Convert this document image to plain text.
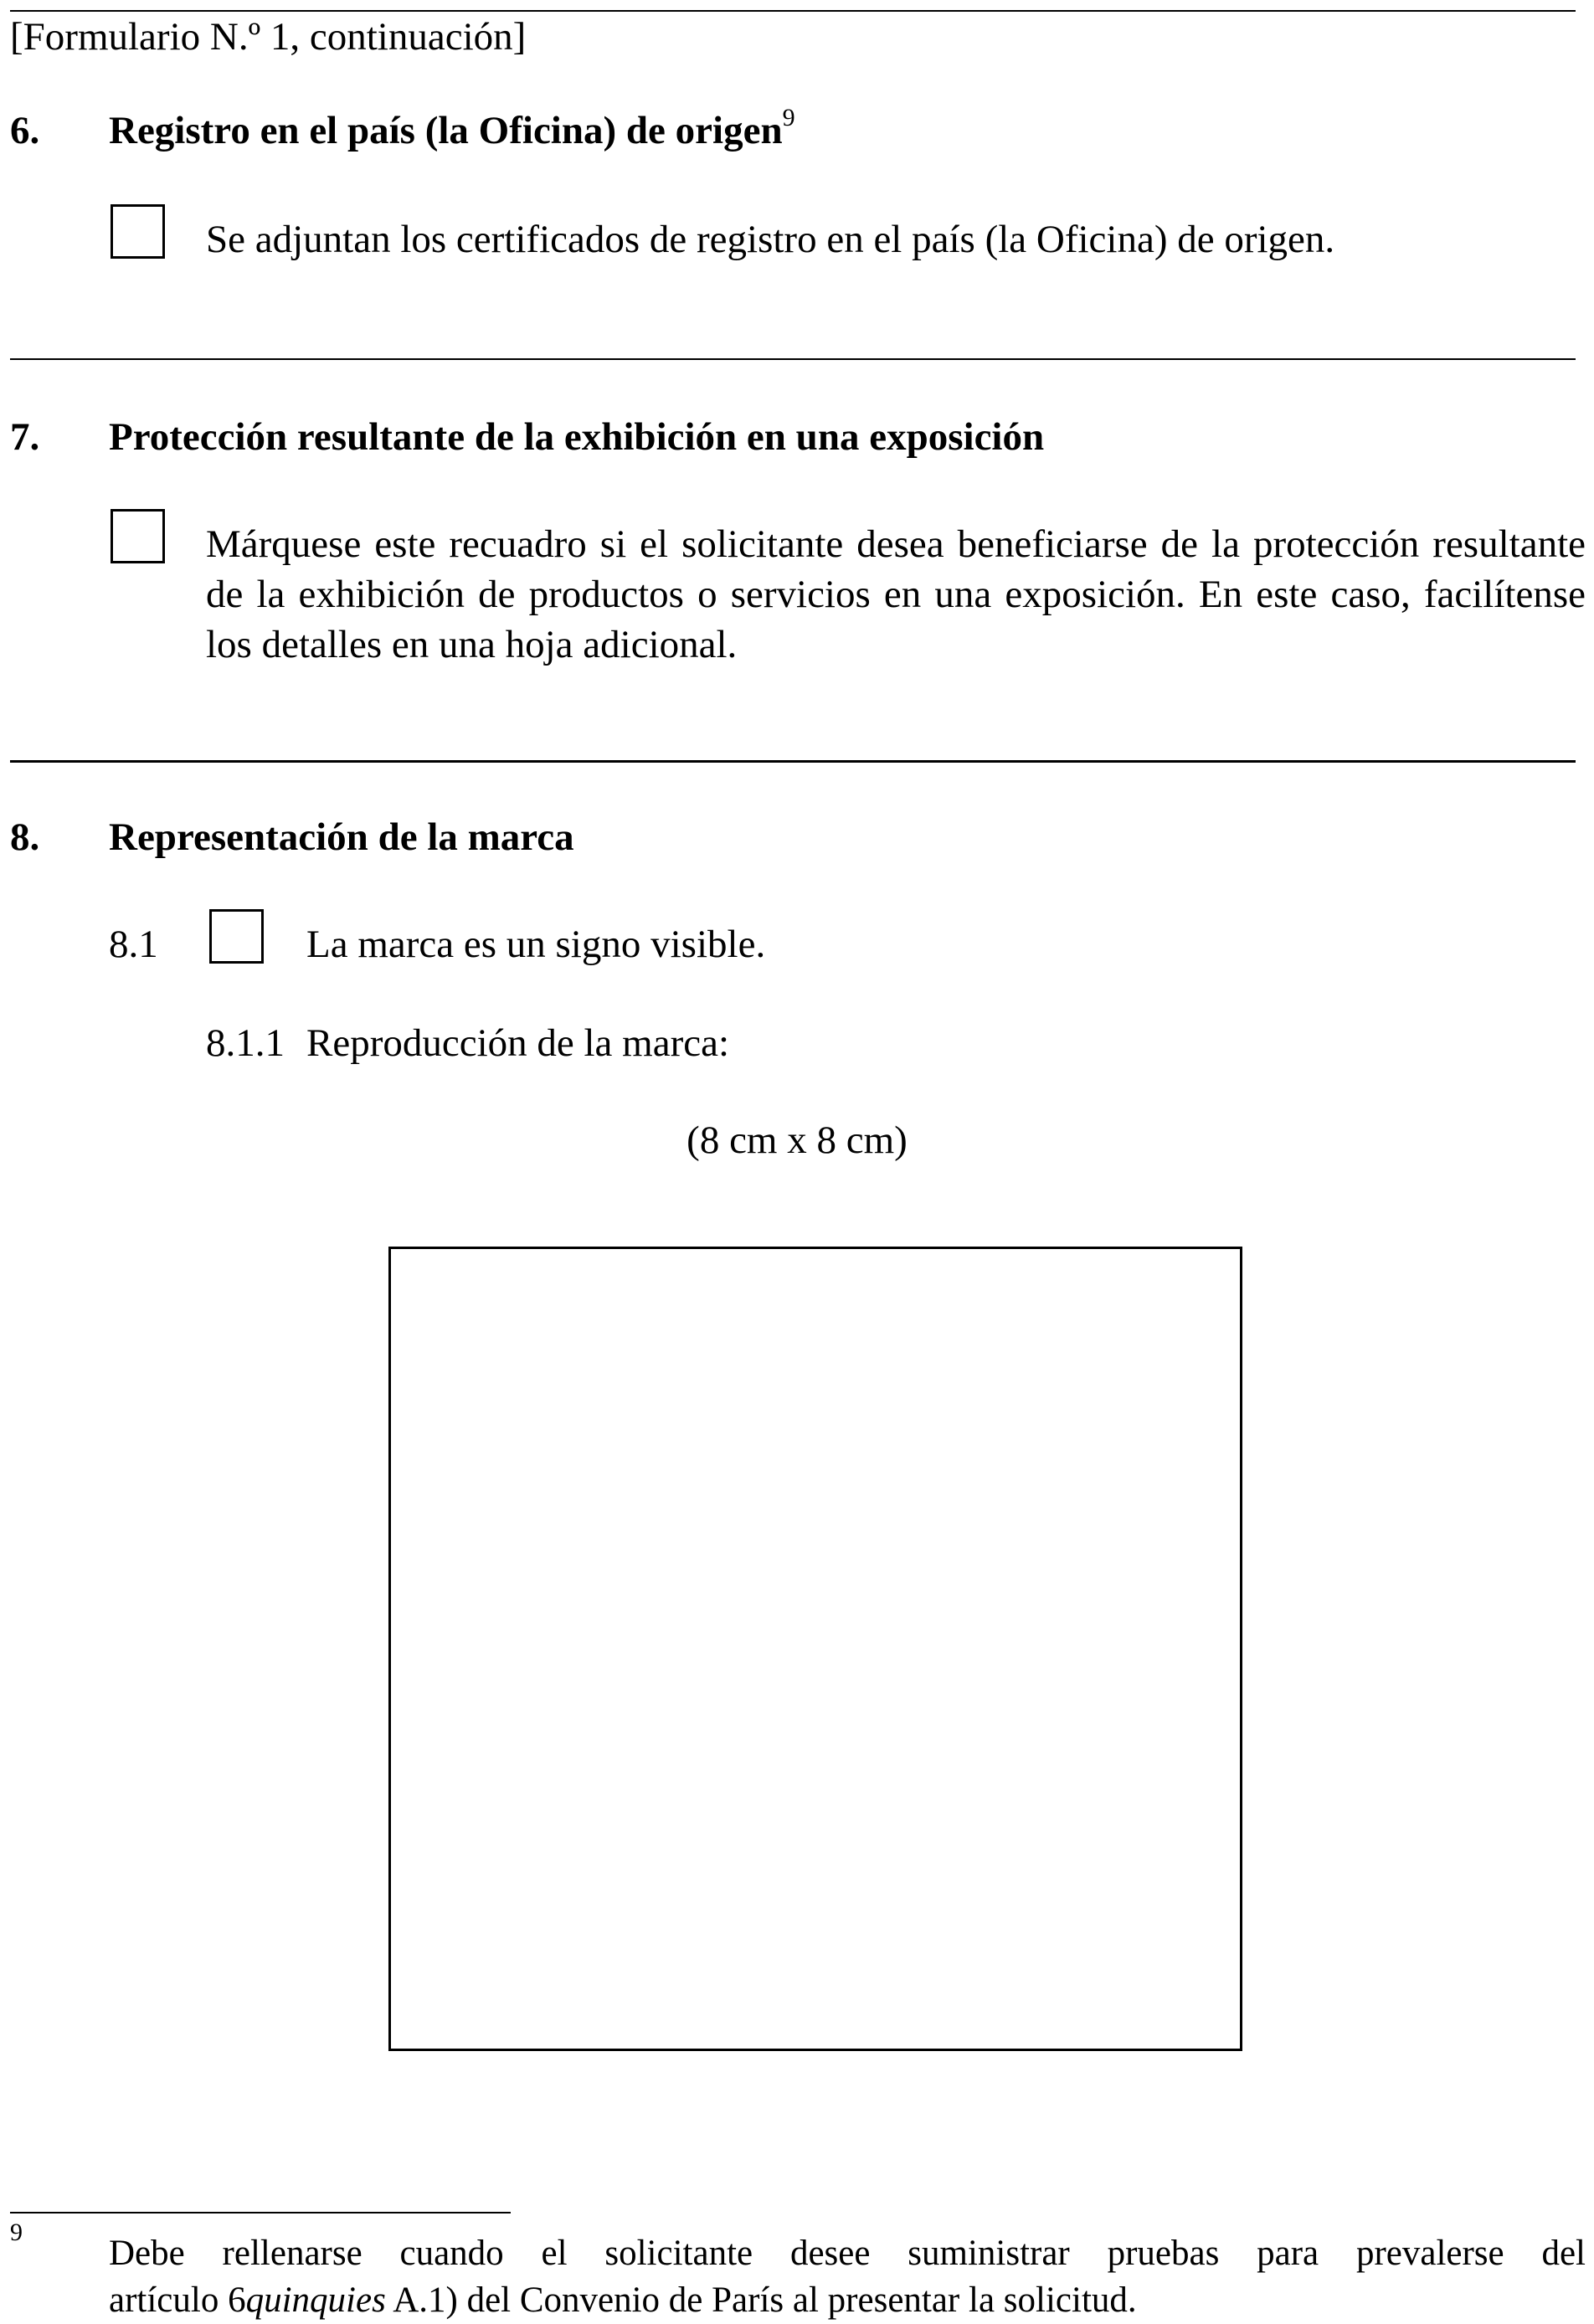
[Formulario N.º 1, continuación]
6. Registro en el país (la Oficina) de origen$^9$
Se adjuntan los certificados de registro en el país (la Oficina) de origen.
7. Protección resultante de la exhibición en una exposición
Márquese este recuadro si el solicitante desea beneficiarse de la protección resultante de la exhibición de productos o servicios en una exposición. En este caso, facilítense los detalles en una hoja adicional.
8. Representación de la marca
8.1	La marca es un signo visible.
8.1.1 Reproducción de la marca:
(8 cm x 8 cm)
9
Debe rellenarse cuando el solicitante desee suministrar pruebas para prevalerse del
artículo 6quinquies A.1) del Convenio de París al presentar la solicitud.
